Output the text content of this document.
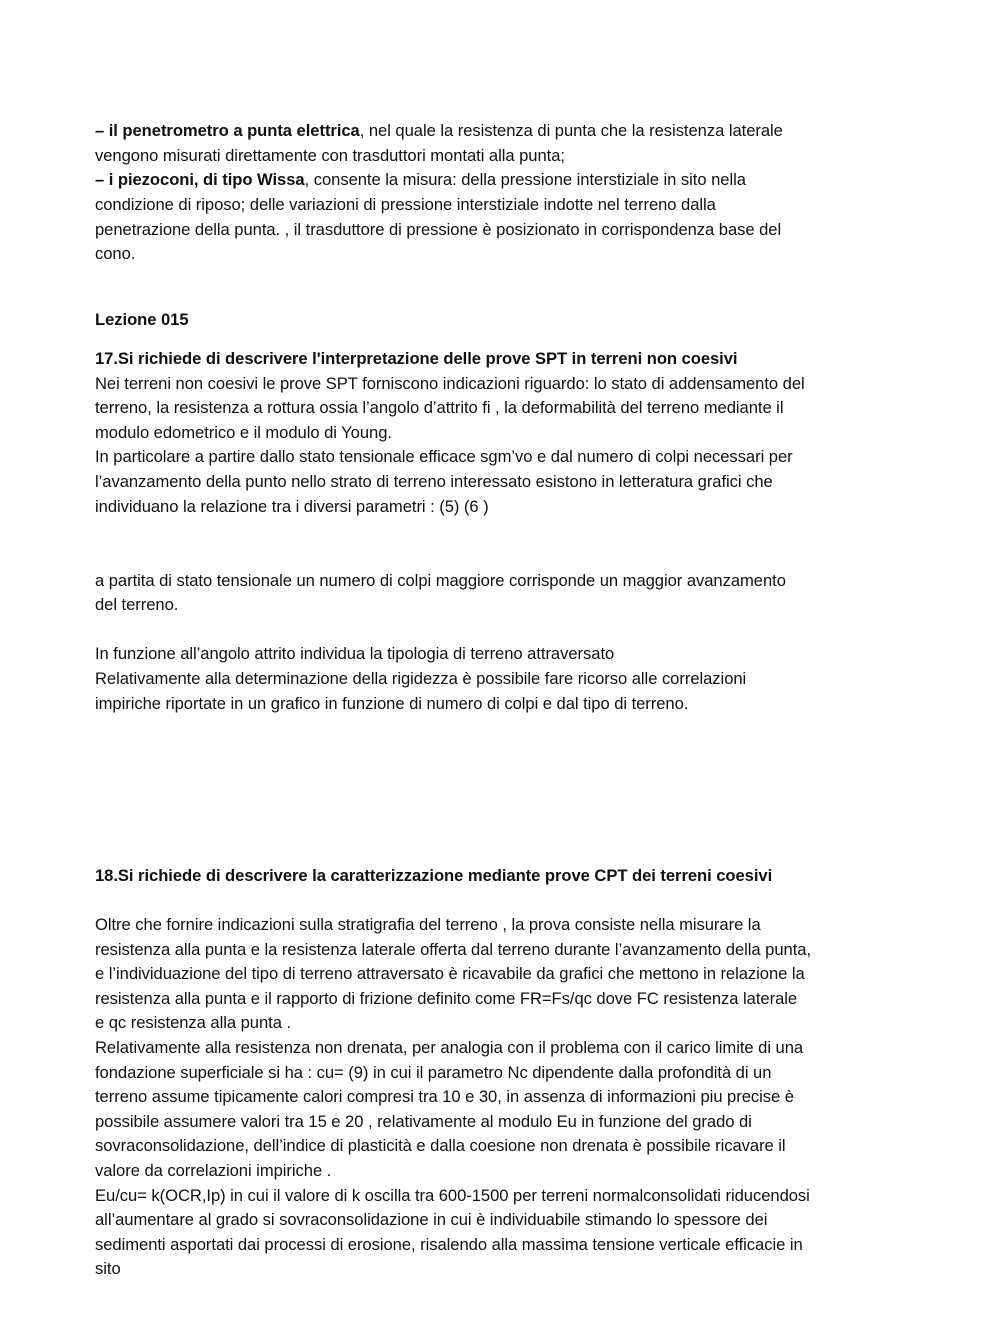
– il penetrometro a punta elettrica, nel quale la resistenza di punta che la resistenza laterale
vengono misurati direttamente con trasduttori montati alla punta;
– i piezoconi, di tipo Wissa, consente la misura: della pressione interstiziale in sito nella
condizione di riposo; delle variazioni di pressione interstiziale indotte nel terreno dalla
penetrazione della punta. , il trasduttore di pressione è posizionato in corrispondenza base del
cono.
Lezione 015
17.Si richiede di descrivere l'interpretazione delle prove SPT in terreni non coesivi
Nei terreni non coesivi le prove SPT forniscono indicazioni riguardo: lo stato di addensamento del
terreno, la resistenza a rottura ossia l’angolo d’attrito fi , la deformabilità del terreno mediante il
modulo edometrico e il modulo di Young.
In particolare a partire dallo stato tensionale efficace sgm’vo e dal numero di colpi necessari per
l’avanzamento della punto nello strato di terreno interessato esistono in letteratura grafici che
individuano la relazione tra i diversi parametri : (5) (6 )
a partita di stato tensionale un numero di colpi maggiore corrisponde un maggior avanzamento
del terreno.
In funzione all’angolo attrito individua la tipologia di terreno attraversato
Relativamente alla determinazione della rigidezza è possibile fare ricorso alle correlazioni
impiriche riportate in un grafico in funzione di numero di colpi e dal tipo di terreno.
18.Si richiede di descrivere la caratterizzazione mediante prove CPT dei terreni coesivi
Oltre che fornire indicazioni sulla stratigrafia del terreno , la prova consiste nella misurare la
resistenza alla punta e la resistenza laterale offerta dal terreno durante l’avanzamento della punta,
e l’individuazione del tipo di terreno attraversato è ricavabile da grafici che mettono in relazione la
resistenza alla punta e il rapporto di frizione definito come FR=Fs/qc dove FC resistenza laterale
e qc resistenza alla punta .
Relativamente alla resistenza non drenata, per analogia con il problema con il carico limite di una
fondazione superficiale si ha : cu= (9) in cui il parametro Nc dipendente dalla profondità di un
terreno assume tipicamente calori compresi tra 10 e 30, in assenza di informazioni piu precise è
possibile assumere valori tra 15 e 20 , relativamente al modulo Eu in funzione del grado di
sovraconsolidazione, dell’indice di plasticità e dalla coesione non drenata è possibile ricavare il
valore da correlazioni impiriche .
Eu/cu= k(OCR,Ip) in cui il valore di k oscilla tra 600-1500 per terreni normalconsolidati riducendosi
all’aumentare al grado si sovraconsolidazione in cui è individuabile stimando lo spessore dei
sedimenti asportati dai processi di erosione, risalendo alla massima tensione verticale efficacie in
sito
